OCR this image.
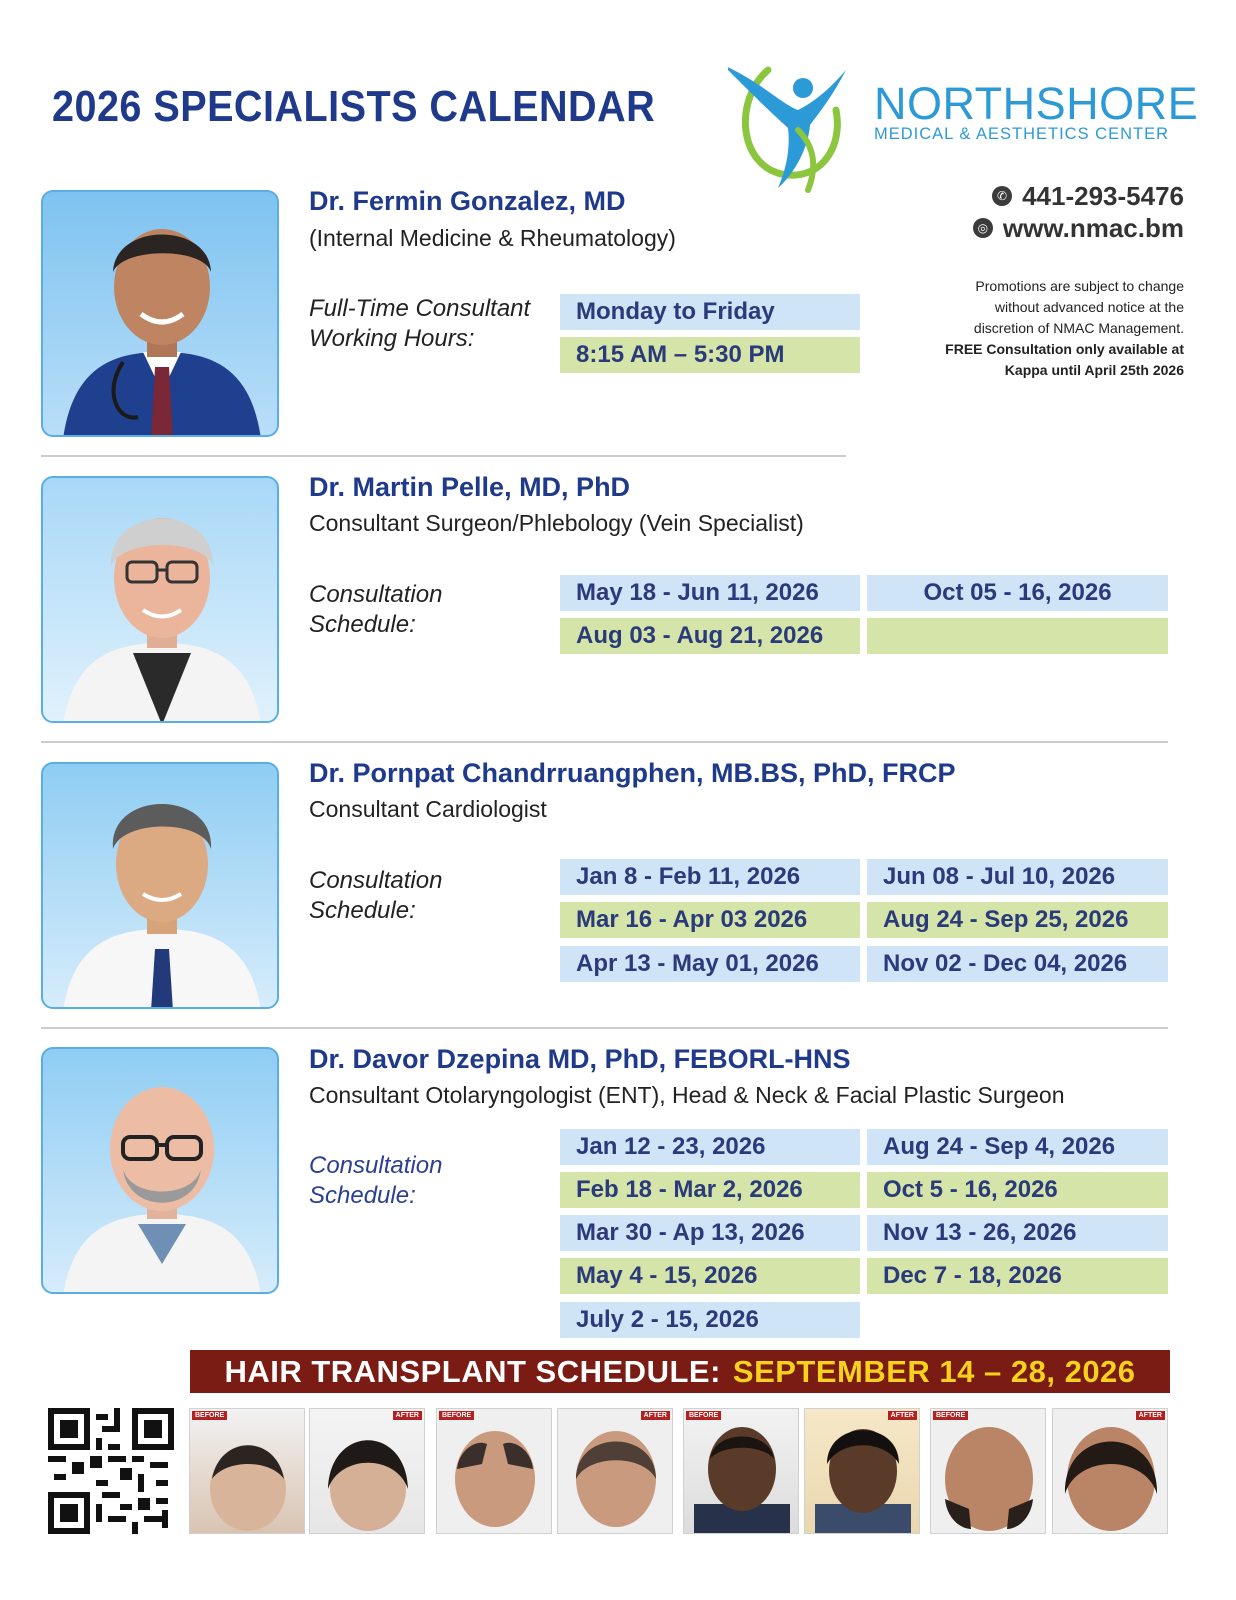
2026 SPECIALISTS CALENDAR	NORTHSHORE
MEDICAL & AESTHETICS CENTER
✆ 441-293-5476
◎ www.nmac.bm
Promotions are subject to change
without advanced notice at the
discretion of NMAC Management.
FREE Consultation only available at
Kappa until April 25th 2026
Dr. Fermin Gonzalez, MD
(Internal Medicine & Rheumatology)
Full-Time Consultant
Working Hours:
Monday to Friday
8:15 AM – 5:30 PM
Dr. Martin Pelle, MD, PhD
Consultant Surgeon/Phlebology (Vein Specialist)
Consultation
Schedule:
May 18 - Jun 11, 2026	Oct 05 - 16, 2026
Aug 03 - Aug 21, 2026
Dr. Pornpat Chandrruangphen, MB.BS, PhD, FRCP
Consultant Cardiologist
Consultation
Schedule:
Jan 8 - Feb 11, 2026	Jun 08 - Jul 10, 2026
Mar 16 - Apr 03 2026	Aug 24 - Sep 25, 2026
Apr 13 - May 01, 2026	Nov 02 - Dec 04, 2026
Dr. Davor Dzepina MD, PhD, FEBORL-HNS
Consultant Otolaryngologist (ENT), Head & Neck & Facial Plastic Surgeon
Consultation
Schedule:
Jan 12 - 23, 2026	Aug 24 - Sep 4, 2026
Feb 18 - Mar 2, 2026	Oct 5 - 16, 2026
Mar 30 - Ap 13, 2026	Nov 13 - 26, 2026
May 4 - 15, 2026	Dec 7 - 18, 2026
July 2 - 15, 2026
HAIR TRANSPLANT SCHEDULE: SEPTEMBER 14 – 28, 2026
BEFORE	AFTER	BEFORE	AFTER	BEFORE	AFTER	BEFORE	AFTER
